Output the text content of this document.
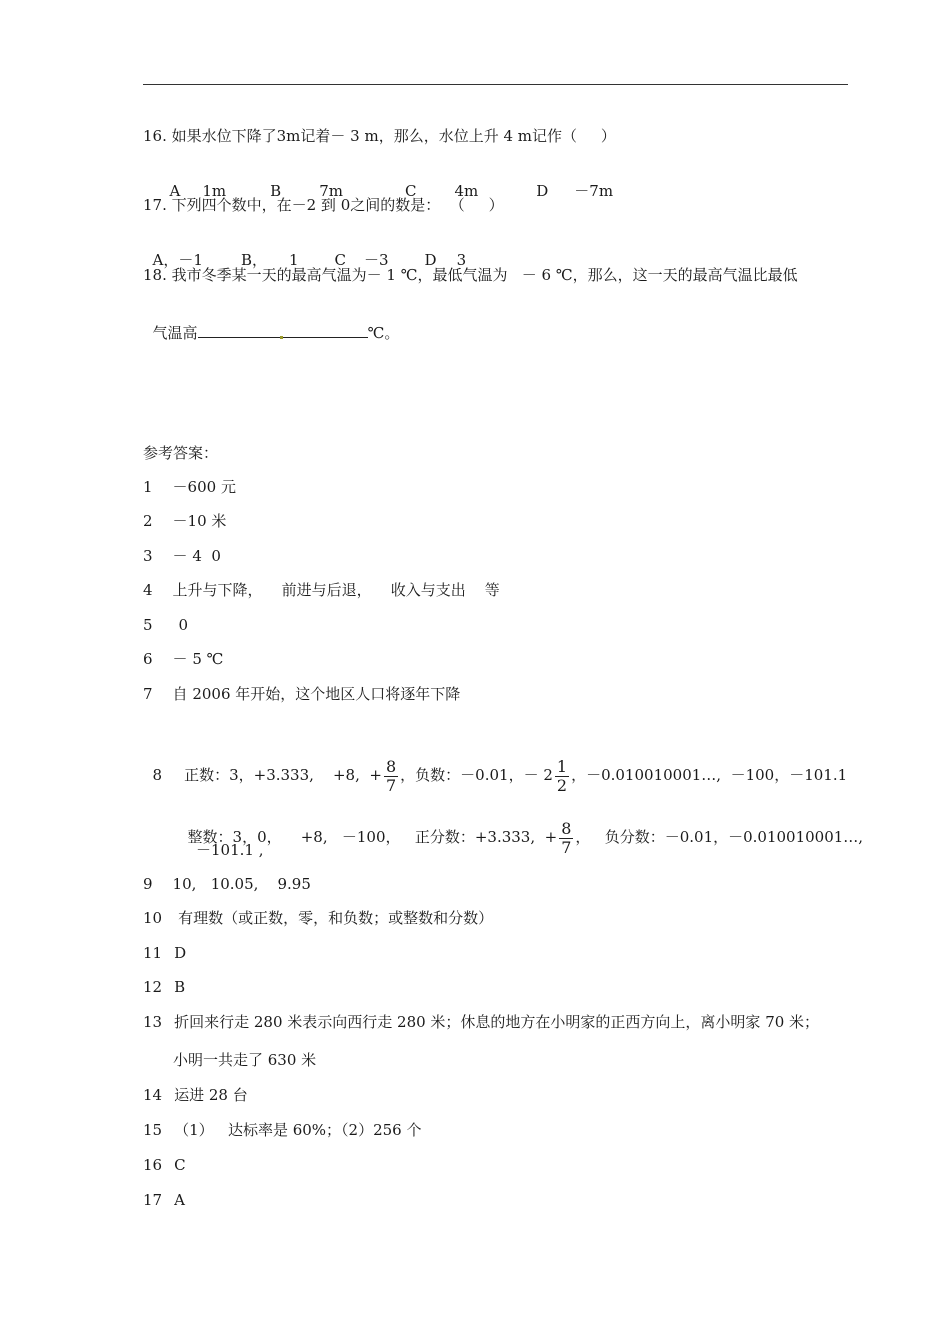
16. 如果水位下降了3m记着－ 3 m，那么，水位上升 4 m记作（     ）

A 1m	B	7m	C	4m	D －7m

17. 下列四个数中，在－2 到 0之间的数是：  （     ）

A，－1	B， 1 C －3 D 3

18. 我市冬季某一天的最高气温为－ 1 ℃，最低气温为   － 6 ℃，那么，这一天的最高气温比最低

气温高	℃。

参考答案：
1 －600 元
2 －10 米
3 － 4  0
4 上升与下降，    前进与后退，    收入与支出    等
5 0
6 － 5 ℃
7 自 2006 年开始，这个地区人口将逐年下降

8 正数：3，+3.333,    +8,  + $\frac{8}{7}$ ，负数：－0.01，－ $2 \frac{1}{2}$ ，－0.010010001…,  －100，－101.1

整数：3，0，    +8,   －100，   正分数：+3.333,  + $\frac{8}{7}$ ，   负分数：－0.01，－0.010010001…,

－101.1 ,
9 10,   10.05,    9.95
10 有理数（或正数，零，和负数；或整数和分数）
11 D
12 B
13 折回来行走 280 米表示向西行走 280 米；休息的地方在小明家的正西方向上，离小明家 70 米；
小明一共走了 630 米
14 运进 28 台
15 （1）   达标率是 60%；（2）256 个
16 C
17 A
